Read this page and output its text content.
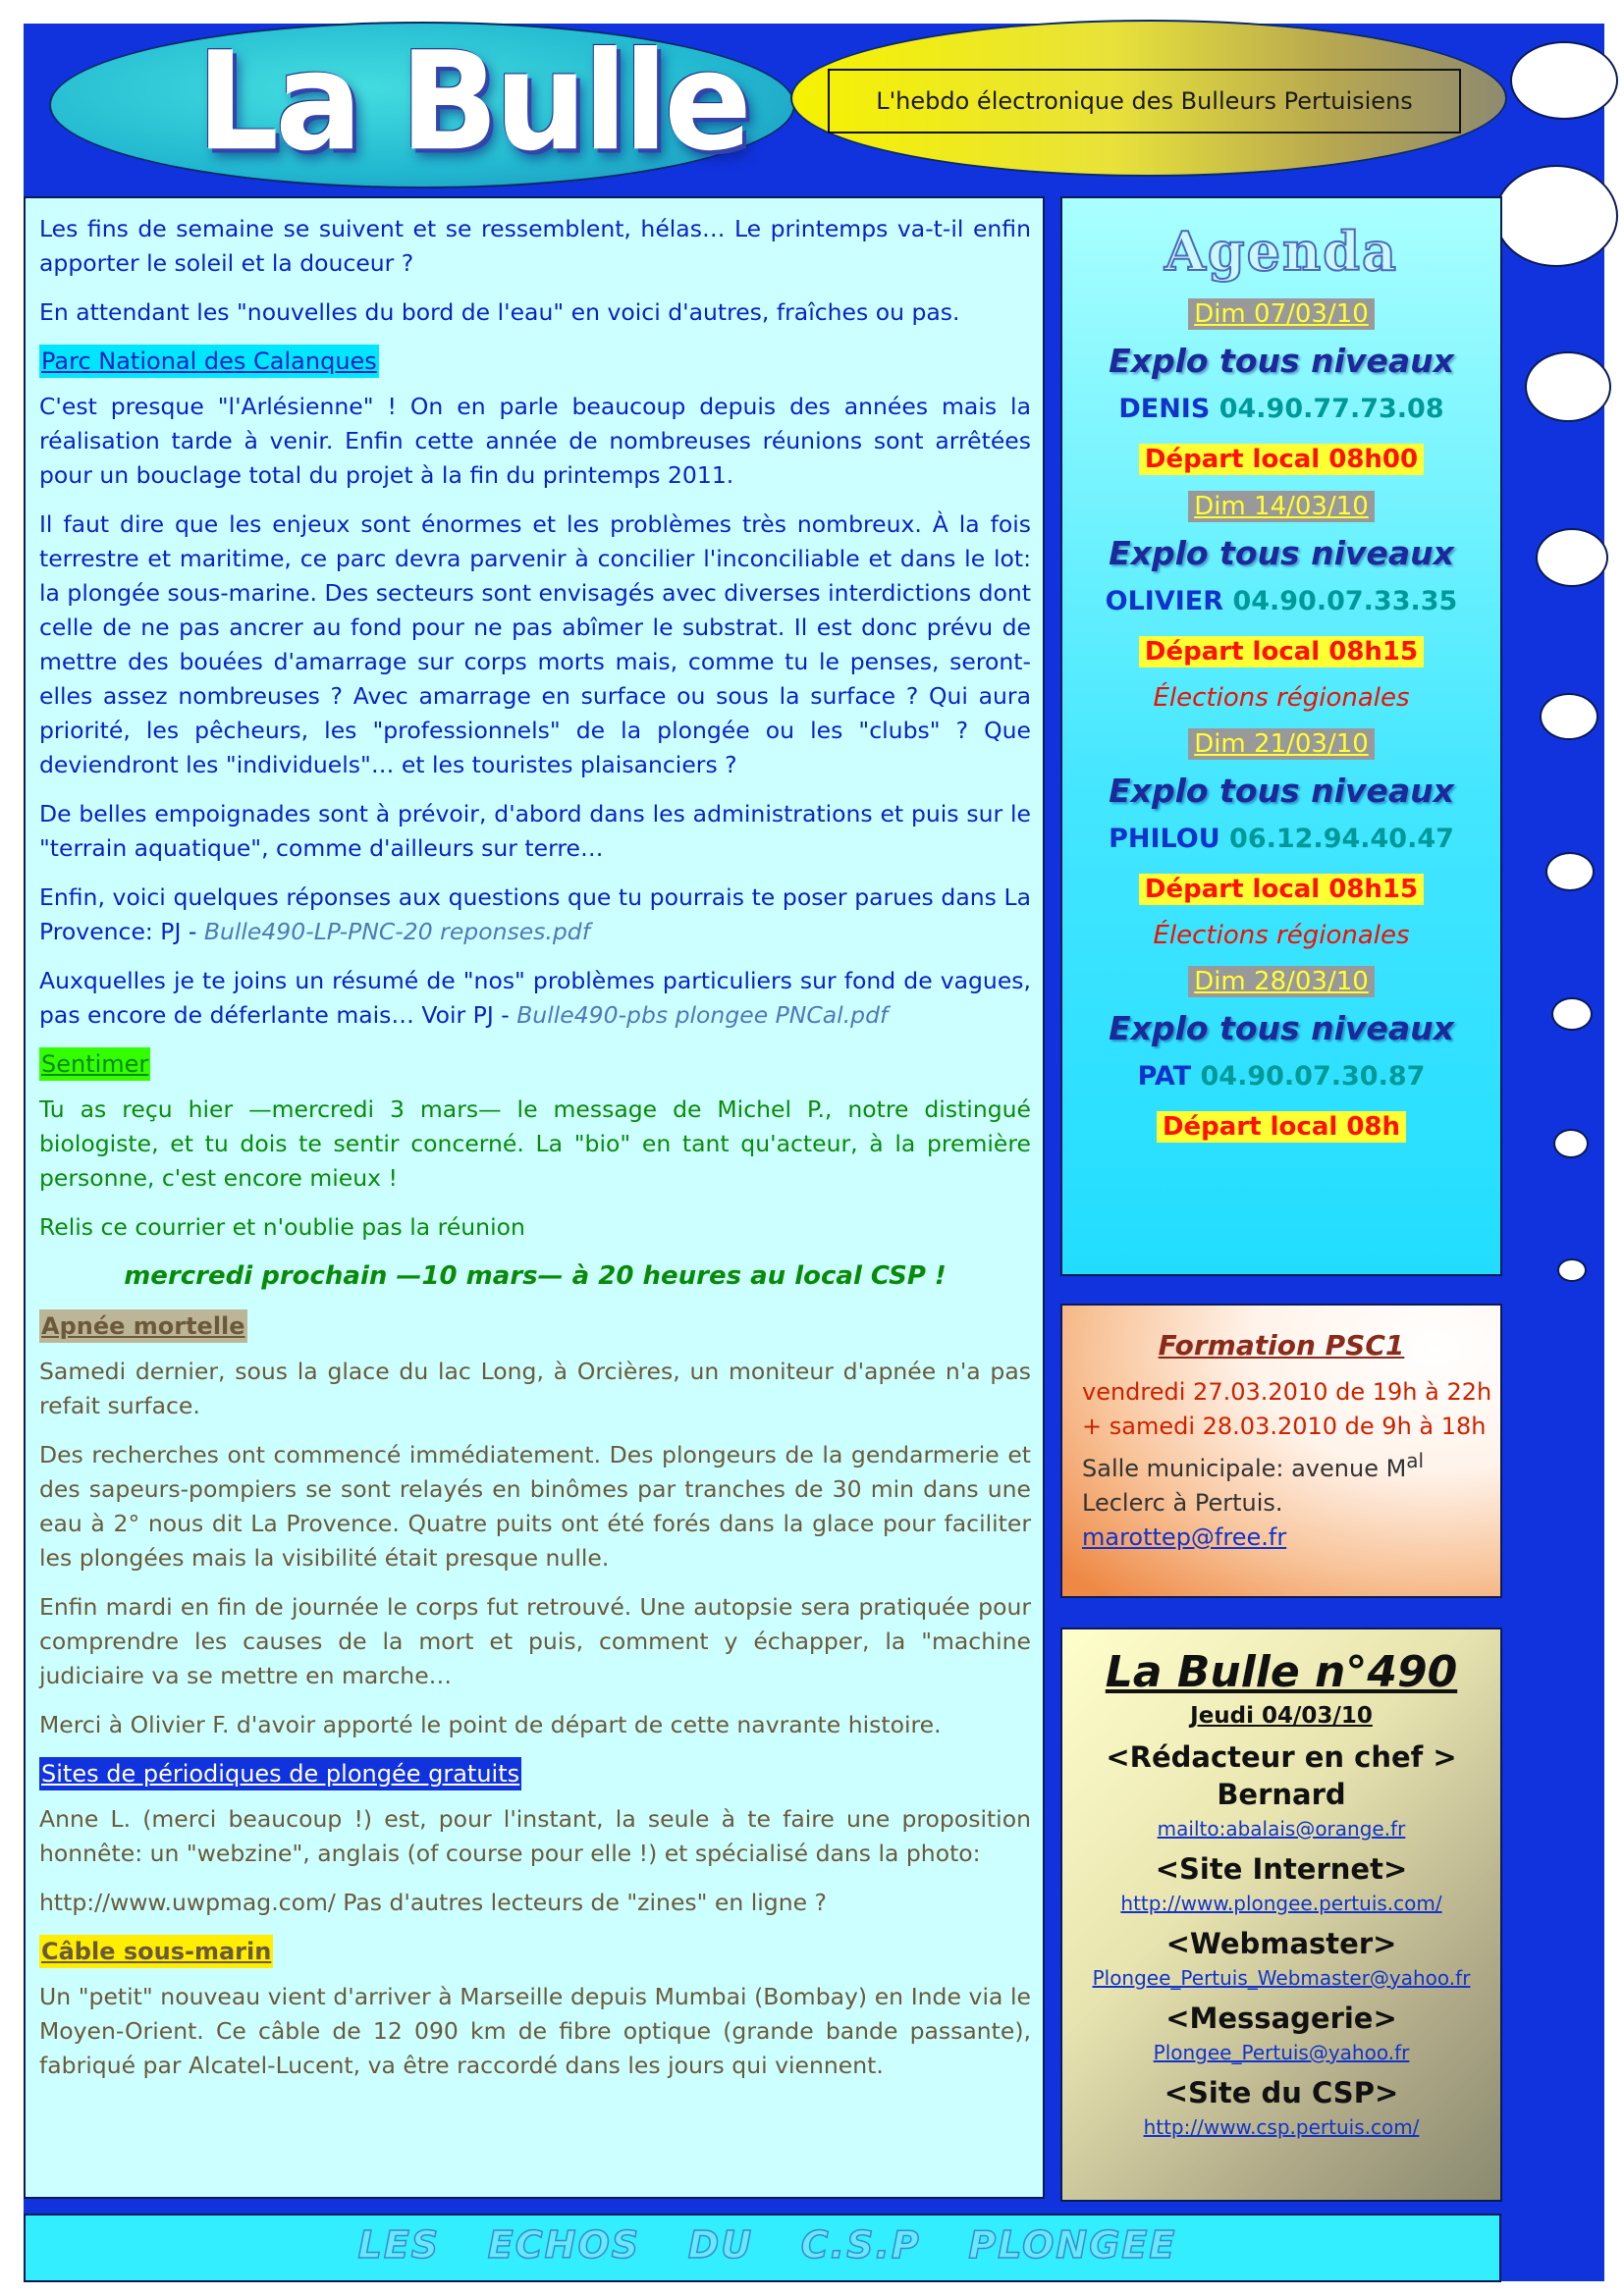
La Bulle	L'hebdo électronique des Bulleurs Pertuisiens

Les fins de semaine se suivent et se ressemblent, hélas… Le printemps va-t-il enfin apporter le soleil et la douceur ?

En attendant les "nouvelles du bord de l'eau" en voici d'autres, fraîches ou pas.

Parc National des Calanques

C'est presque "l'Arlésienne" ! On en parle beaucoup depuis des années mais la réalisation tarde à venir. Enfin cette année de nombreuses réunions sont arrêtées pour un bouclage total du projet à la fin du printemps 2011.

Il faut dire que les enjeux sont énormes et les problèmes très nombreux. À la fois terrestre et maritime, ce parc devra parvenir à concilier l'inconciliable et dans le lot: la plongée sous-marine. Des secteurs sont envisagés avec diverses interdictions dont celle de ne pas ancrer au fond pour ne pas abîmer le substrat. Il est donc prévu de mettre des bouées d'amarrage sur corps morts mais, comme tu le penses, seront-elles assez nombreuses ? Avec amarrage en surface ou sous la surface ? Qui aura priorité, les pêcheurs, les "professionnels" de la plongée ou les "clubs" ? Que deviendront les "individuels"… et les touristes plaisanciers ?

De belles empoignades sont à prévoir, d'abord dans les administrations et puis sur le "terrain aquatique", comme d'ailleurs sur terre…

Enfin, voici quelques réponses aux questions que tu pourrais te poser parues dans La Provence: PJ - Bulle490-LP-PNC-20 reponses.pdf

Auxquelles je te joins un résumé de "nos" problèmes particuliers sur fond de vagues, pas encore de déferlante mais… Voir PJ - Bulle490-pbs plongee PNCal.pdf

Sentimer

Tu as reçu hier —mercredi 3 mars— le message de Michel P., notre distingué biologiste, et tu dois te sentir concerné. La "bio" en tant qu'acteur, à la première personne, c'est encore mieux !

Relis ce courrier et n'oublie pas la réunion

mercredi prochain —10 mars— à 20 heures au local CSP !

Apnée mortelle

Samedi dernier, sous la glace du lac Long, à Orcières, un moniteur d'apnée n'a pas refait surface.

Des recherches ont commencé immédiatement. Des plongeurs de la gendarmerie et des sapeurs-pompiers se sont relayés en binômes par tranches de 30 min dans une eau à 2° nous dit La Provence. Quatre puits ont été forés dans la glace pour faciliter les plongées mais la visibilité était presque nulle.

Enfin mardi en fin de journée le corps fut retrouvé. Une autopsie sera pratiquée pour comprendre les causes de la mort et puis, comment y échapper, la "machine judiciaire va se mettre en marche…

Merci à Olivier F. d'avoir apporté le point de départ de cette navrante histoire.

Sites de périodiques de plongée gratuits

Anne L. (merci beaucoup !) est, pour l'instant, la seule à te faire une proposition honnête: un "webzine", anglais (of course pour elle !) et spécialisé dans la photo:

http://www.uwpmag.com/ Pas d'autres lecteurs de "zines" en ligne ?

Câble sous-marin

Un "petit" nouveau vient d'arriver à Marseille depuis Mumbai (Bombay) en Inde via le Moyen-Orient. Ce câble de 12 090 km de fibre optique (grande bande passante), fabriqué par Alcatel-Lucent, va être raccordé dans les jours qui viennent.

Agenda
Dim 07/03/10
Explo tous niveaux
DENIS 04.90.77.73.08
Départ local 08h00
Dim 14/03/10
Explo tous niveaux
OLIVIER 04.90.07.33.35
Départ local 08h15
Élections régionales
Dim 21/03/10
Explo tous niveaux
PHILOU 06.12.94.40.47
Départ local 08h15
Élections régionales
Dim 28/03/10
Explo tous niveaux
PAT 04.90.07.30.87
Départ local 08h
Formation PSC1
vendredi 27.03.2010 de 19h à 22h
+ samedi 28.03.2010 de 9h à 18h
Salle municipale: avenue $M^{al}$
Leclerc à Pertuis.
marottep@free.fr
La Bulle n°490
Jeudi 04/03/10
<Rédacteur en chef >
Bernard
mailto:abalais@orange.fr
<Site Internet>
http://www.plongee.pertuis.com/
<Webmaster>
Plongee_Pertuis_Webmaster@yahoo.fr
<Messagerie>
Plongee_Pertuis@yahoo.fr
<Site du CSP>
http://www.csp.pertuis.com/
LES ECHOS DU C.S.P PLONGEE
